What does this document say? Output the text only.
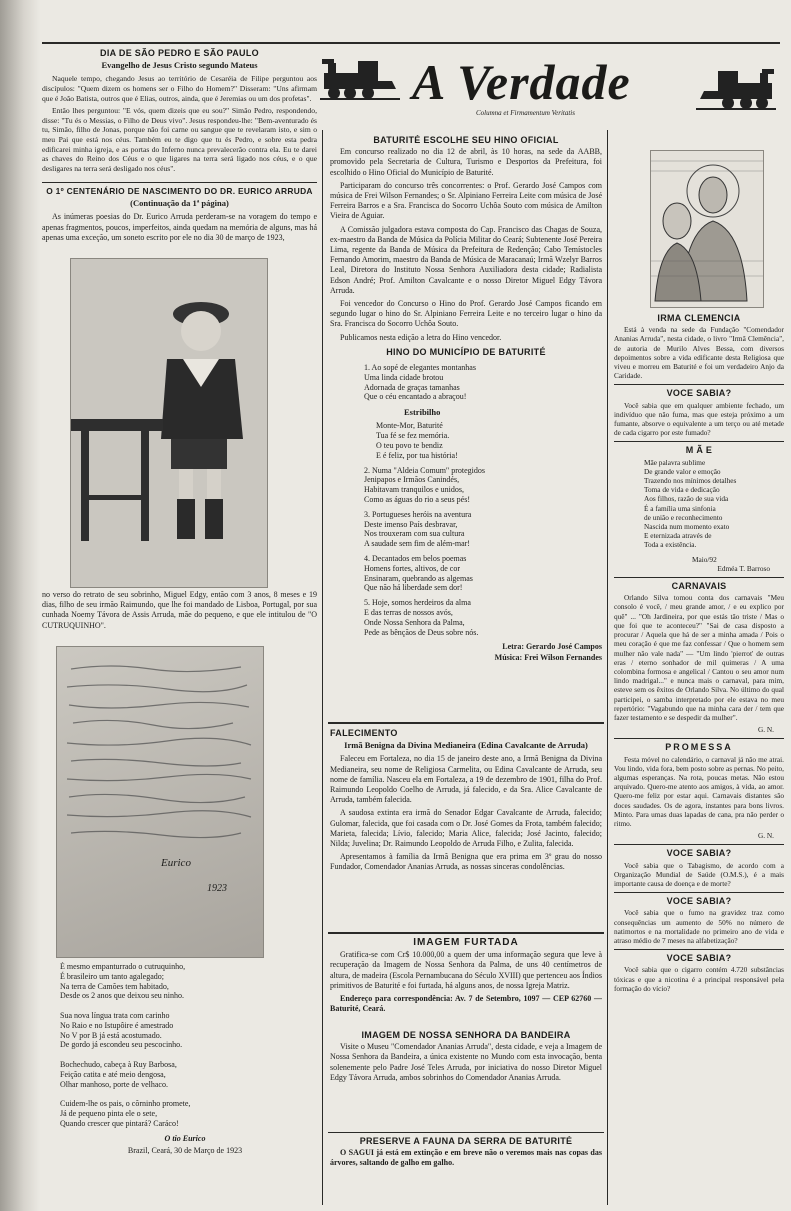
A Verdade
Columna et Firmamentum Veritatis
DIA DE SÃO PEDRO E SÃO PAULO
Evangelho de Jesus Cristo segundo Mateus

Naquele tempo, chegando Jesus ao território de Cesaréia de Filipe perguntou aos discípulos: "Quem dizem os homens ser o Filho do Homem?" Disseram: "Uns afirmam que é João Batista, outros que é Elias, outros, ainda, que é Jeremias ou um dos profetas".

Então lhes perguntou: "E vós, quem dizeis que eu sou?" Simão Pedro, respondendo, disse: "Tu és o Messias, o Filho de Deus vivo". Jesus respondeu-lhe: "Bem-aventurado és tu, Simão, filho de Jonas, porque não foi carne ou sangue que te revelaram isto, e sim o meu Pai que está nos céus. Também eu te digo que tu és Pedro, e sobre esta pedra edificarei minha igreja, e as portas do Inferno nunca prevalecerão contra ela. Eu te darei as chaves do Reino dos Céus e o que ligares na terra será ligado nos céus, e o que desligares na terra será desligado nos céus".

O 1º CENTENÁRIO DE NASCIMENTO DO DR. EURICO ARRUDA
(Continuação da 1ª página)

As inúmeras poesias do Dr. Eurico Arruda perderam-se na voragem do tempo e apenas fragmentos, poucos, imperfeitos, ainda quedam na memória de alguns, mas há apenas uma exceção, um soneto escrito por ele no dia 30 de março de 1923,

no verso do retrato de seu sobrinho, Miguel Edgy, então com 3 anos, 8 meses e 19 dias, filho de seu irmão Raimundo, que lhe foi mandado de Lisboa, Portugal, por sua cunhada Noemy Távora de Assis Arruda, mãe do pequeno, e que ele intitulou de "O CUTRUQUINHO".

Eurico
1923
É mesmo empanturrado o cutruquinho,
É brasileiro um tanto agalegado;
Na terra de Camões tem habitado,
Desde os 2 anos que deixou seu ninho.

Sua nova língua trata com carinho
No Raio e no Istupôire é amestrado
No V por B já está acostumado.
De gordo já escondeu seu pescocinho.

Bochechudo, cabeça à Ruy Barbosa,
Feição catita e até meio dengosa,
Olhar manhoso, porte de velhaco.

Cuidem-lhe os pais, o cõrninho promete,
Já de pequeno pinta ele o sete,
Quando crescer que pintará? Caráco!
O tio Eurico
Brazil, Ceará, 30 de Março de 1923
BATURITÉ ESCOLHE SEU HINO OFICIAL

Em concurso realizado no dia 12 de abril, às 10 horas, na sede da AABB, promovido pela Secretaria de Cultura, Turismo e Desportos da Prefeitura, foi escolhido o Hino Oficial do Município de Baturité.

Participaram do concurso três concorrentes: o Prof. Gerardo José Campos com música de Frei Wilson Fernandes; o Sr. Alpiniano Ferreira Leite com música de José Ferreira Barros e a Sra. Francisca do Socorro Uchôa Souto com música de Amilton Vieira de Aguiar.

A Comissão julgadora estava composta do Cap. Francisco das Chagas de Souza, ex-maestro da Banda de Música da Polícia Militar do Ceará; Subtenente José Pereira Lima, regente da Banda de Música da Prefeitura de Redenção; Cabo Temístocles Fernando Amorim, maestro da Banda de Música de Maracanaú; Irmã Wzelyr Barros Leal, Diretora do Instituto Nossa Senhora Auxiliadora desta cidade; Radialista Edson André; Prof. Amilton Cavalcante e o nosso Diretor Miguel Edgy Távora Arruda.

Foi vencedor do Concurso o Hino do Prof. Gerardo José Campos ficando em segundo lugar o hino do Sr. Alpiniano Ferreira Leite e no terceiro lugar o hino da Sra. Francisca do Socorro Uchôa Souto.

Publicamos nesta edição a letra do Hino vencedor.

HINO DO MUNICÍPIO DE BATURITÉ
1. Ao sopé de elegantes montanhas
Uma linda cidade brotou
Adornada de graças tamanhas
Que o céu encantado a abraçou!
Estribilho
Monte-Mor, Baturité
Tua fé se fez memória.
O teu povo te bendiz
E é feliz, por tua história!
2. Numa "Aldeia Comum" protegidos
Jenipapos e Irmãos Canindés,
Habitavam tranquilos e unidos,
Como as águas do rio a seus pés!
3. Portugueses heróis na aventura
Deste imenso País desbravar,
Nos trouxeram com sua cultura
A saudade sem fim de além-mar!
4. Decantados em belos poemas
Homens fortes, altivos, de cor
Ensinaram, quebrando as algemas
Que não há liberdade sem dor!
5. Hoje, somos herdeiros da alma
E das terras de nossos avós,
Onde Nossa Senhora da Palma,
Pede as bênçãos de Deus sobre nós.
Letra: Gerardo José Campos
Música: Frei Wilson Fernandes
FALECIMENTO
Irmã Benigna da Divina Medianeira (Edina Cavalcante de Arruda)

Faleceu em Fortaleza, no dia 15 de janeiro deste ano, a Irmã Benigna da Divina Medianeira, seu nome de Religiosa Carmelita, ou Edina Cavalcante de Arruda, seu nome de família. Nasceu ela em Fortaleza, a 19 de dezembro de 1901, filha do Prof. Raimundo Leopoldo Coelho de Arruda, já falecido, e da Sra. Alice Cavalcante de Arruda, também falecida.

A saudosa extinta era irmã do Senador Edgar Cavalcante de Arruda, falecido; Gulomar, falecida, que foi casada com o Dr. José Gomes da Frota, também falecido; Marieta, falecida; Lívio, falecido; Maria Alice, falecida; José Jacinto, falecido; Nilda; Juvelina; Dr. Raimundo Leopoldo de Arruda Filho, e Zulita, falecida.

Apresentamos à família da Irmã Benigna que era prima em 3º grau do nosso Fundador, Comendador Ananias Arruda, as nossas sinceras condolências.

IMAGEM FURTADA

Gratifica-se com Cr$ 10.000,00 a quem der uma informação segura que leve à recuperação da Imagem de Nossa Senhora da Palma, de uns 40 centímetros de altura, de madeira (Escola Pernambucana do Século XVIII) que pertenceu aos Índios primitivos de Baturité e foi furtada, há alguns anos, de nossa Igreja Matriz.

Endereço para correspondência: Av. 7 de Setembro, 1097 — CEP 62760 — Baturité, Ceará.

IMAGEM DE NOSSA SENHORA DA BANDEIRA

Visite o Museu "Comendador Ananias Arruda", desta cidade, e veja a Imagem de Nossa Senhora da Bandeira, a única existente no Mundo com esta invocação, benta solenemente pelo Padre José Teles Arruda, por iniciativa do nosso Diretor Miguel Edgy Távora Arruda, ambos sobrinhos do Comendador Ananias Arruda.

PRESERVE A FAUNA DA SERRA DE BATURITÉ

O SAGUI já está em extinção e em breve não o veremos mais nas copas das árvores, saltando de galho em galho.

IRMÃ CLEMENCIA

Está à venda na sede da Fundação "Comendador Ananias Arruda", nesta cidade, o livro "Irmã Clemência", de autoria de Murilo Alves Bessa, com diversos depoimentos sobre a vida edificante desta Religiosa que viveu e morreu em Baturité e foi um verdadeiro Anjo da Caridade.

VOCE SABIA?

Você sabia que em qualquer ambiente fechado, um indivíduo que não fuma, mas que esteja próximo a um fumante, absorve o equivalente a um terço ou até metade de cada cigarro por este fumado?

M Ã E
Mãe palavra sublime
De grande valor e emoção
Trazendo nos mínimos detalhes
Toma de vida e dedicação
Aos filhos, razão de sua vida
É a família uma sinfonia
de união e reconhecimento
Nascida num momento exato
E eternizada através de
Toda a existência.
Maio/92
Edméa T. Barroso
CARNAVAIS

Orlando Silva tomou conta dos carnavais "Meu consolo é você, / meu grande amor, / e eu explico por quê" ... "Oh Jardineira, por que estás tão triste / Mas o que foi que te aconteceu?" "Sai de casa disposto a procurar / Aquela que há de ser a minha amada / Pois o meu coração é que me faz confessar / Que o homem sem mulher não vale nada" — "Um lindo 'pierrot' de outras eras / eterno sonhador de mil quimeras / A uma colombina formosa e angelical / Cantou o seu amor num lindo madrigal..." e nunca mais o carnaval, para mim, esteve sem os êxitos de Orlando Silva. No último do qual participei, o samba interpretado por ele estava no meu repertório: "Vagabundo que na minha cara der / tem que fazer testamento e se despedir da mulher".

G. N.
PROMESSA

Festa móvel no calendário, o carnaval já não me atrai. Vou lindo, vida fora, bem posto sobre as pernas. No peito, algumas esperanças. Na rota, poucas metas. Não estou arquivado. Quero-me atento aos amigos, à vida, ao amor. Quero-me feliz por estar aqui. Carnavais distantes são doces saudades. Os de agora, instantes para bons livros. Minto. Para umas duas lapadas de cana, pra não perder o ritmo.

G. N.
VOCE SABIA?

Você sabia que o Tabagismo, de acordo com a Organização Mundial de Saúde (O.M.S.), é a mais importante causa de doença e de morte?

VOCE SABIA?

Você sabia que o fumo na gravidez traz como consequências um aumento de 50% no número de natimortos e na mortalidade no primeiro ano de vida e atraso médio de 7 meses na alfabetização?

VOCE SABIA?

Você sabia que o cigarro contém 4.720 substâncias tóxicas e que a nicotina é a principal responsável pela formação do vício?
